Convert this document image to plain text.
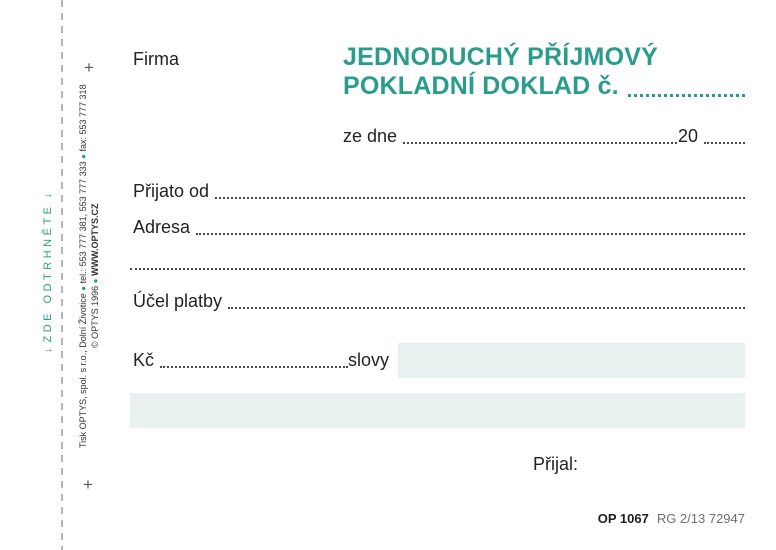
+
+
↓
ZDE ODTRHNĚTE
↓
Tisk OPTYS, spol. s r.o., Dolní Životice ● tel.: 553 777 381, 553 777 333 ● fax: 553 777 318
© OPTYS 1996 ● WWW.OPTYS.CZ
Firma	JEDNODUCHÝ PŘÍJMOVÝ
POKLADNÍ DOKLAD č.
ze dne	20
Přijato od
Adresa
Účel platby
Kč	slovy
Přijal:
OP 1067 RG 2/13 72947
